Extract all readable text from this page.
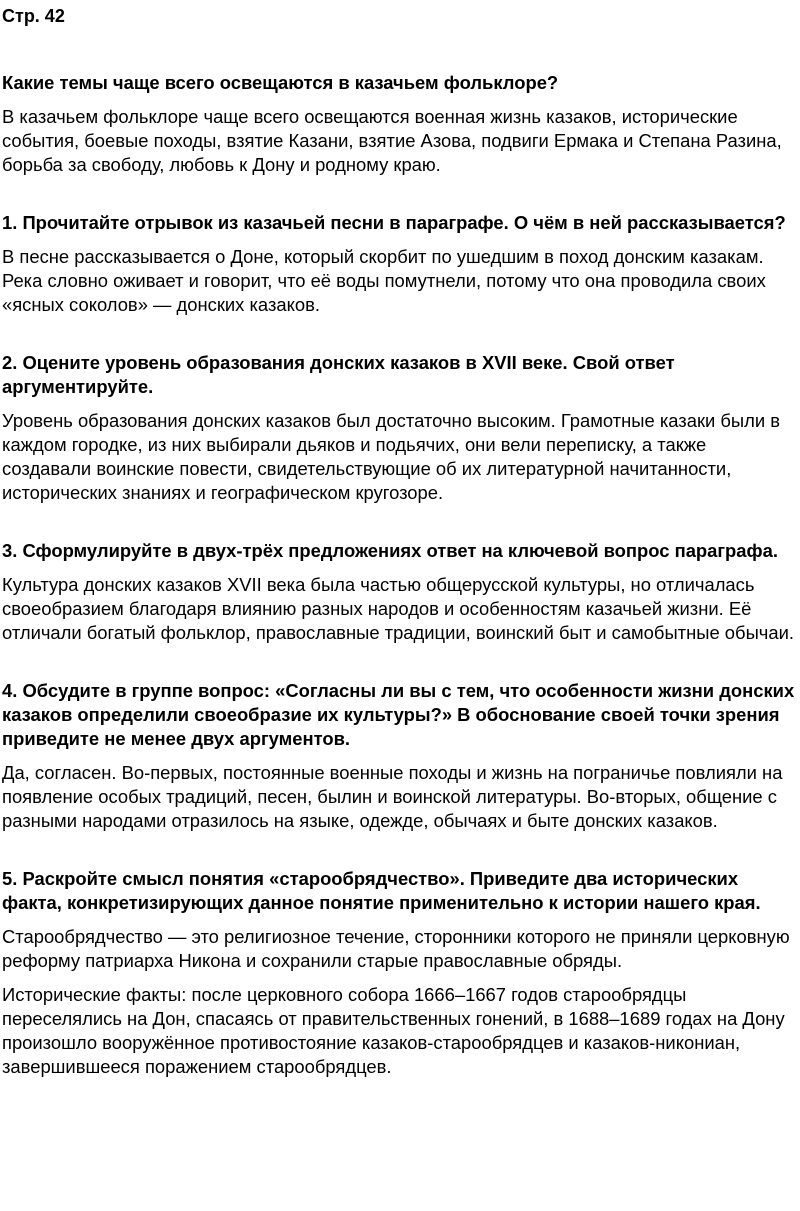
Стр. 42
Какие темы чаще всего освещаются в казачьем фольклоре?
В казачьем фольклоре чаще всего освещаются военная жизнь казаков, исторические события, боевые походы, взятие Казани, взятие Азова, подвиги Ермака и Степана Разина, борьба за свободу, любовь к Дону и родному краю.
1. Прочитайте отрывок из казачьей песни в параграфе. О чём в ней рассказывается?
В песне рассказывается о Доне, который скорбит по ушедшим в поход донским казакам. Река словно оживает и говорит, что её воды помутнели, потому что она проводила своих «ясных соколов» — донских казаков.
2. Оцените уровень образования донских казаков в XVII веке. Свой ответ аргументируйте.
Уровень образования донских казаков был достаточно высоким. Грамотные казаки были в каждом городке, из них выбирали дьяков и подьячих, они вели переписку, а также создавали воинские повести, свидетельствующие об их литературной начитанности, исторических знаниях и географическом кругозоре.
3. Сформулируйте в двух-трёх предложениях ответ на ключевой вопрос параграфа.
Культура донских казаков XVII века была частью общерусской культуры, но отличалась своеобразием благодаря влиянию разных народов и особенностям казачьей жизни. Её отличали богатый фольклор, православные традиции, воинский быт и самобытные обычаи.
4. Обсудите в группе вопрос: «Согласны ли вы с тем, что особенности жизни донских казаков определили своеобразие их культуры?» В обоснование своей точки зрения приведите не менее двух аргументов.
Да, согласен. Во-первых, постоянные военные походы и жизнь на пограничье повлияли на появление особых традиций, песен, былин и воинской литературы. Во-вторых, общение с разными народами отразилось на языке, одежде, обычаях и быте донских казаков.
5. Раскройте смысл понятия «старообрядчество». Приведите два исторических факта, конкретизирующих данное понятие применительно к истории нашего края.
Старообрядчество — это религиозное течение, сторонники которого не приняли церковную реформу патриарха Никона и сохранили старые православные обряды.
Исторические факты: после церковного собора 1666–1667 годов старообрядцы переселялись на Дон, спасаясь от правительственных гонений, в 1688–1689 годах на Дону произошло вооружённое противостояние казаков-старообрядцев и казаков-никониан, завершившееся поражением старообрядцев.
